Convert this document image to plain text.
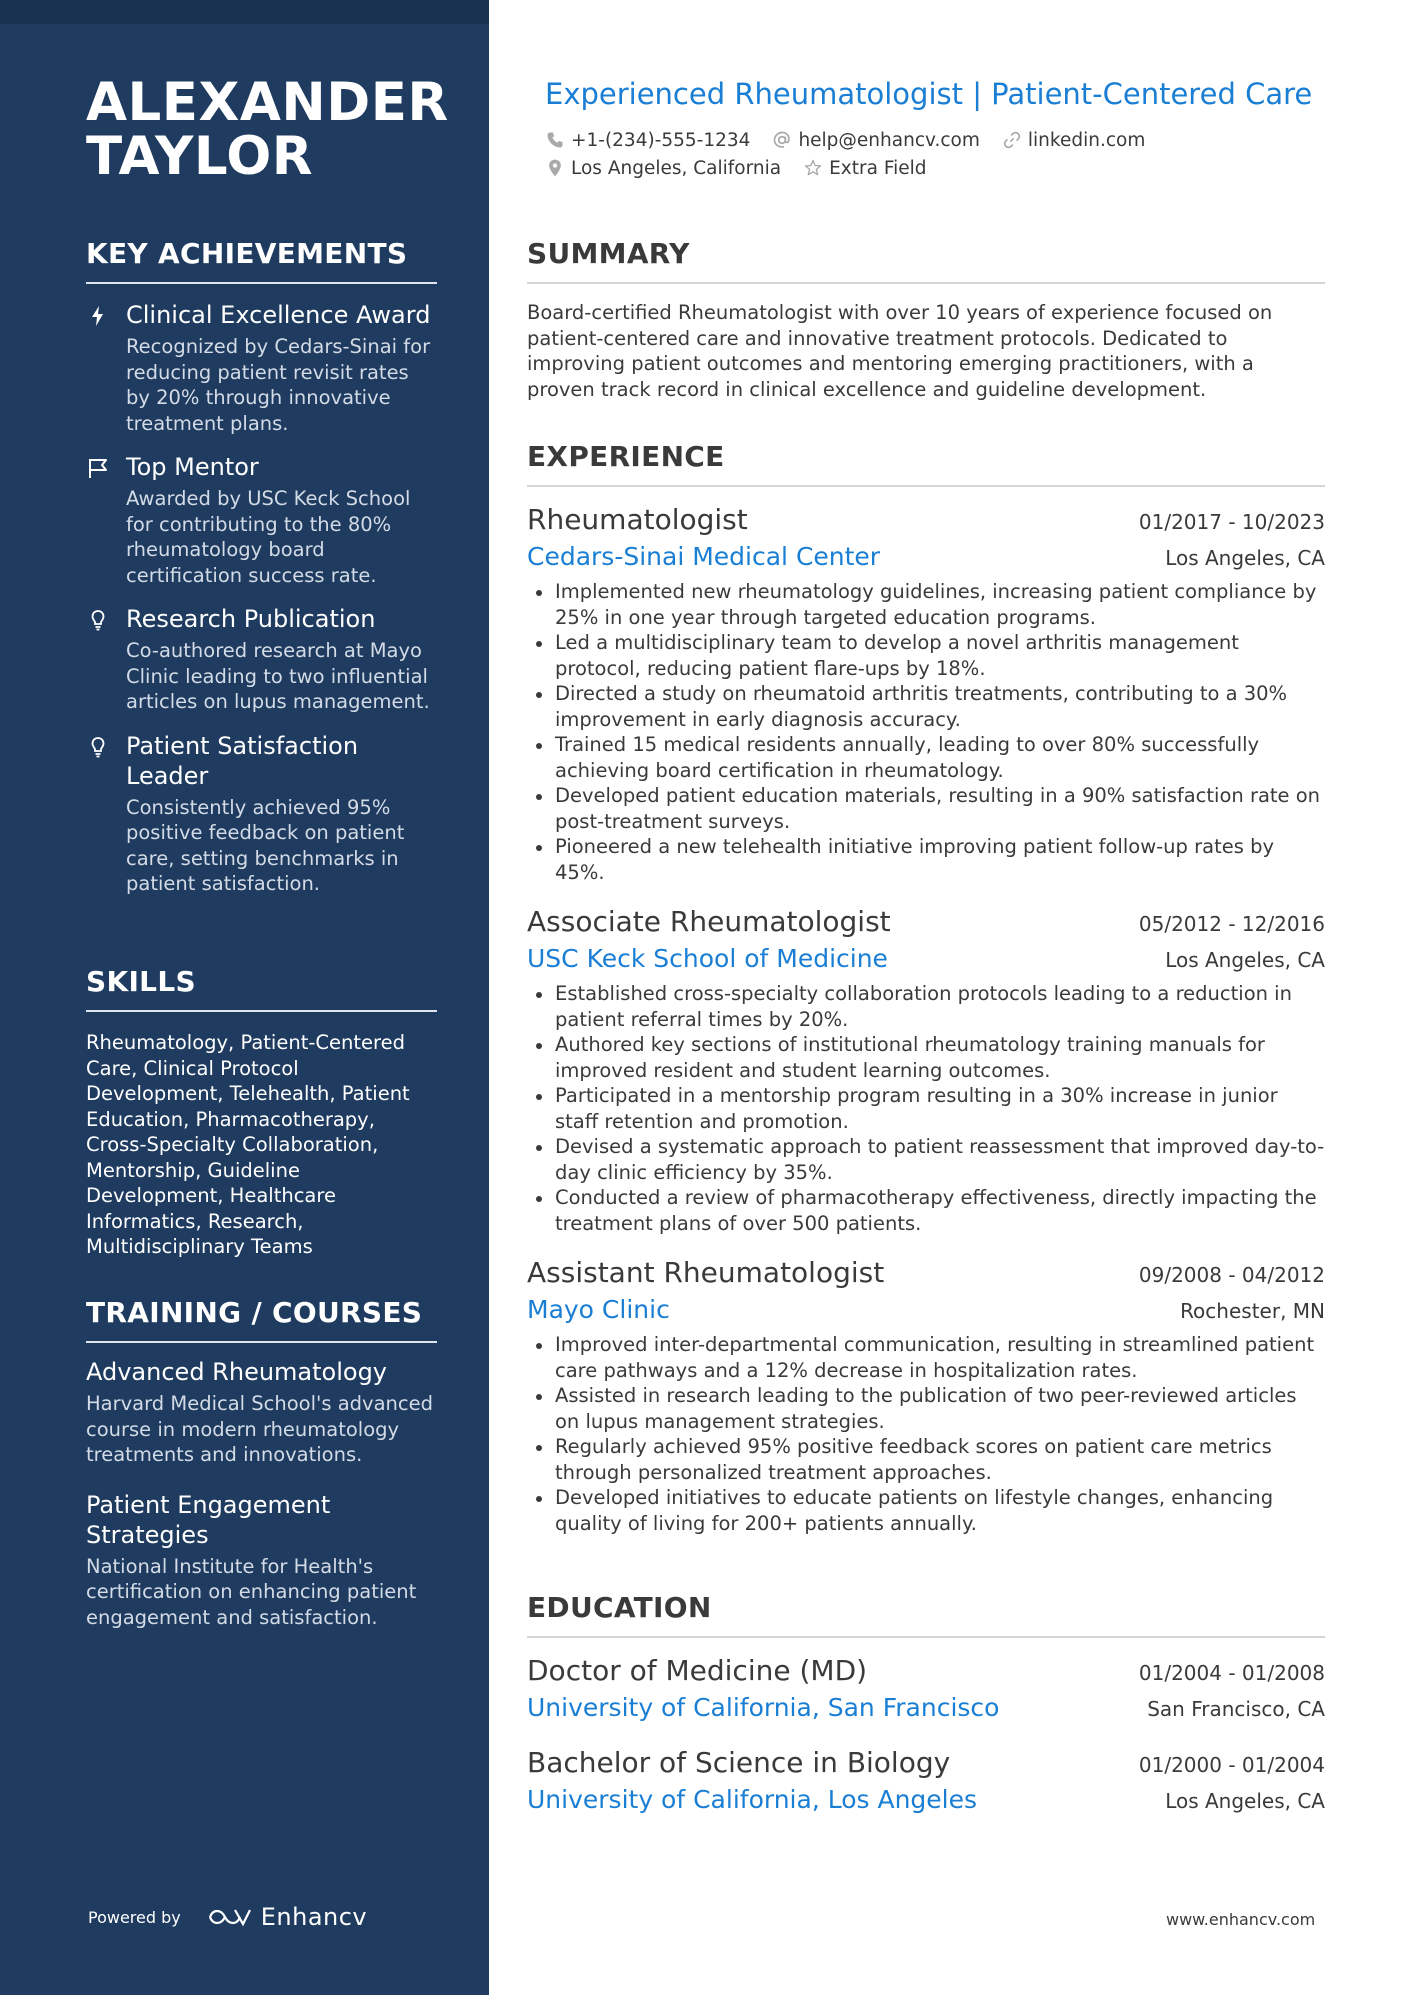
ALEXANDER TAYLOR
KEY ACHIEVEMENTS
Clinical Excellence Award
Recognized by Cedars-Sinai for reducing patient revisit rates by 20% through innovative treatment plans.
Top Mentor
Awarded by USC Keck School for contributing to the 80% rheumatology board certification success rate.
Research Publication
Co-authored research at Mayo Clinic leading to two influential articles on lupus management.
Patient Satisfaction Leader
Consistently achieved 95% positive feedback on patient care, setting benchmarks in patient satisfaction.
SKILLS

Rheumatology, Patient-Centered Care, Clinical Protocol Development, Telehealth, Patient Education, Pharmacotherapy, Cross-Specialty Collaboration, Mentorship, Guideline Development, Healthcare Informatics, Research, Multidisciplinary Teams

TRAINING / COURSES
Advanced Rheumatology
Harvard Medical School's advanced course in modern rheumatology treatments and innovations.
Patient Engagement Strategies
National Institute for Health's certification on enhancing patient engagement and satisfaction.
Powered by	Enhancv
Experienced Rheumatologist | Patient-Centered Care
+1-(234)-555-1234	help@enhancv.com	linkedin.com
Los Angeles, California	Extra Field
SUMMARY

Board-certified Rheumatologist with over 10 years of experience focused on patient-centered care and innovative treatment protocols. Dedicated to improving patient outcomes and mentoring emerging practitioners, with a proven track record in clinical excellence and guideline development.

EXPERIENCE
Rheumatologist	01/2017 - 10/2023
Cedars-Sinai Medical Center	Los Angeles, CA
Implemented new rheumatology guidelines, increasing patient compliance by 25% in one year through targeted education programs.
Led a multidisciplinary team to develop a novel arthritis management protocol, reducing patient flare-ups by 18%.
Directed a study on rheumatoid arthritis treatments, contributing to a 30% improvement in early diagnosis accuracy.
Trained 15 medical residents annually, leading to over 80% successfully achieving board certification in rheumatology.
Developed patient education materials, resulting in a 90% satisfaction rate on post-treatment surveys.
Pioneered a new telehealth initiative improving patient follow-up rates by 45%.
Associate Rheumatologist	05/2012 - 12/2016
USC Keck School of Medicine	Los Angeles, CA
Established cross-specialty collaboration protocols leading to a reduction in patient referral times by 20%.
Authored key sections of institutional rheumatology training manuals for improved resident and student learning outcomes.
Participated in a mentorship program resulting in a 30% increase in junior staff retention and promotion.
Devised a systematic approach to patient reassessment that improved day-to-day clinic efficiency by 35%.
Conducted a review of pharmacotherapy effectiveness, directly impacting the treatment plans of over 500 patients.
Assistant Rheumatologist	09/2008 - 04/2012
Mayo Clinic	Rochester, MN
Improved inter-departmental communication, resulting in streamlined patient care pathways and a 12% decrease in hospitalization rates.
Assisted in research leading to the publication of two peer-reviewed articles on lupus management strategies.
Regularly achieved 95% positive feedback scores on patient care metrics through personalized treatment approaches.
Developed initiatives to educate patients on lifestyle changes, enhancing quality of living for 200+ patients annually.
EDUCATION
Doctor of Medicine (MD)	01/2004 - 01/2008
University of California, San Francisco	San Francisco, CA
Bachelor of Science in Biology	01/2000 - 01/2004
University of California, Los Angeles	Los Angeles, CA
www.enhancv.com
